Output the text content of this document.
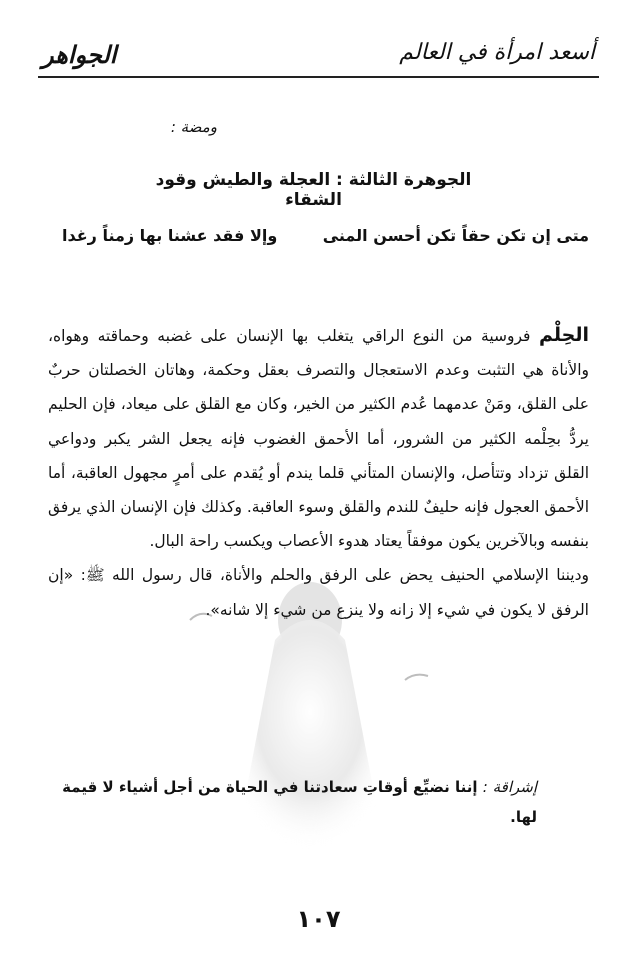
أسعد امرأة في العالم
الجواهر
ومضة :
الجوهرة الثالثة : العجلة والطيش وقود الشقاء
متى إن تكن حقاً تكن أحسن المنى
وإلا فقد عشنا بها زمناً رغدا

الحِلْم فروسية من النوع الراقي يتغلب بها الإنسان على غضبه وحماقته وهواه، والأناة هي التثبت وعدم الاستعجال والتصرف بعقل وحكمة، وهاتان الخصلتان حربٌ على القلق، ومَنْ عدمهما عُدم الكثير من الخير، وكان مع القلق على ميعاد، فإن الحليم يردُّ بحِلْمه الكثير من الشرور، أما الأحمق الغضوب فإنه يجعل الشر يكبر ودواعي القلق تزداد وتتأصل، والإنسان المتأني قلما يندم أو يُقدم على أمرٍ مجهول العاقبة، أما الأحمق العجول فإنه حليفٌ للندم والقلق وسوء العاقبة. وكذلك فإن الإنسان الذي يرفق بنفسه وبالآخرين يكون موفقاً يعتاد هدوء الأعصاب ويكسب راحة البال.

وديننا الإسلامي الحنيف يحض على الرفق والحلم والأناة، قال رسول الله ﷺ: «إن الرفق لا يكون في شيء إلا زانه ولا ينزع من شيء إلا شانه».

إشراقة : إننا نضيِّع أوقاتِ سعادتنا في الحياة من أجل أشياء لا قيمة لها.
١٠٧
